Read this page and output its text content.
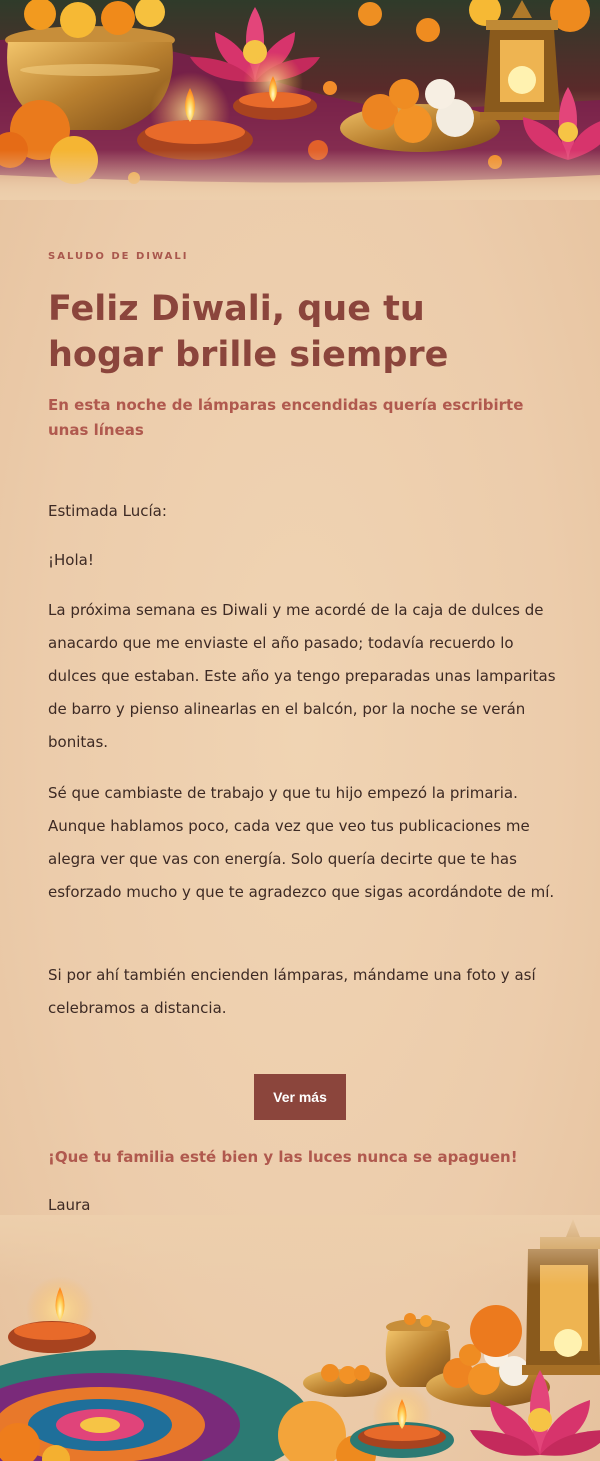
SALUDO DE DIWALI
Feliz Diwali, que tu hogar brille siempre

En esta noche de lámparas encendidas quería escribirte unas líneas

Estimada Lucía:

¡Hola!

La próxima semana es Diwali y me acordé de la caja de dulces de anacardo que me enviaste el año pasado; todavía recuerdo lo dulces que estaban. Este año ya tengo preparadas unas lamparitas de barro y pienso alinearlas en el balcón, por la noche se verán bonitas.

Sé que cambiaste de trabajo y que tu hijo empezó la primaria. Aunque hablamos poco, cada vez que veo tus publicaciones me alegra ver que vas con energía. Solo quería decirte que te has esforzado mucho y que te agradezco que sigas acordándote de mí.

Si por ahí también encienden lámparas, mándame una foto y así celebramos a distancia.

Ver más

¡Que tu familia esté bien y las luces nunca se apaguen!

Laura
